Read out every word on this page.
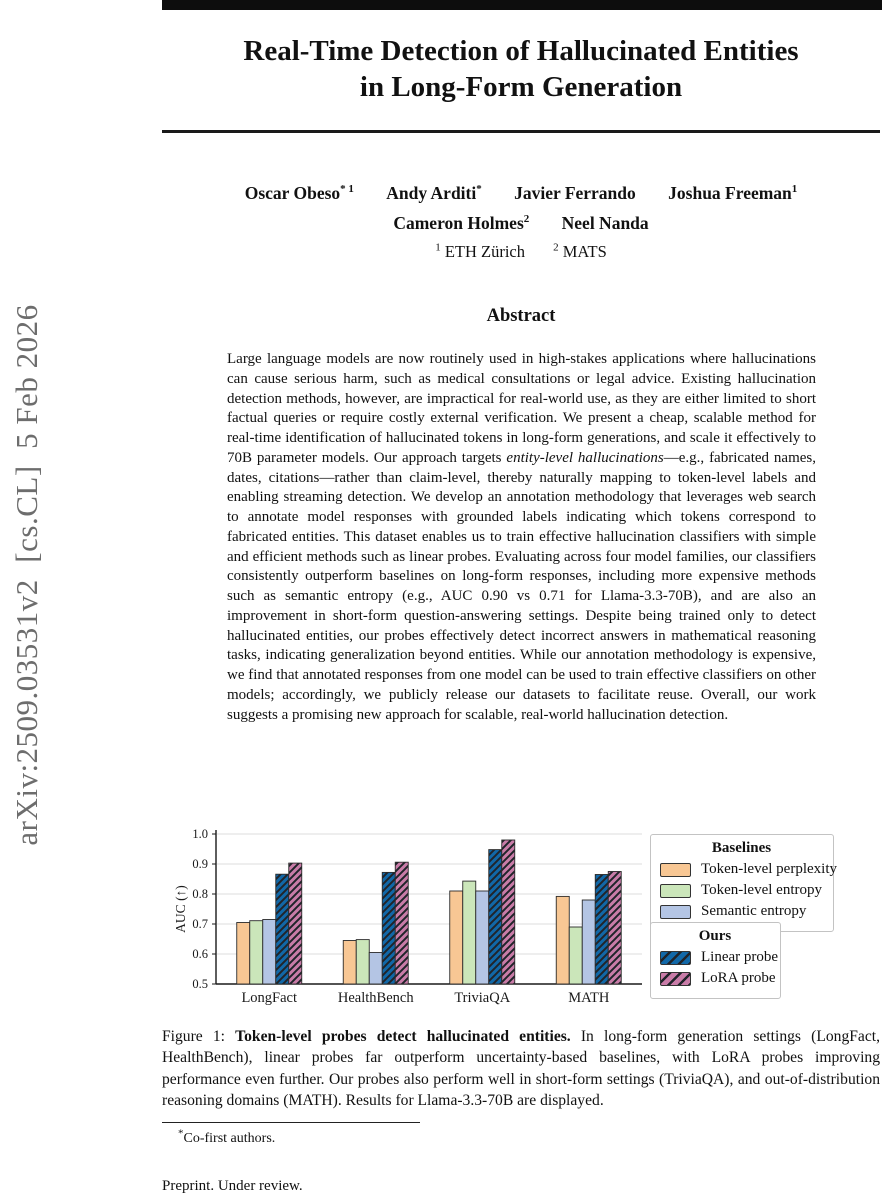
arXiv:2509.03531v2  [cs.CL]  5 Feb 2026
Real-Time Detection of Hallucinated Entities
in Long-Form Generation
Oscar Obeso$^{* 1}$ Andy Arditi* Javier Ferrando Joshua Freeman$^1$
Cameron Holmes$^2$ Neel Nanda
$^1$ ETH Zürich	$^2$ MATS
Abstract
Large language models are now routinely used in high-stakes applications where hallucinations can cause serious harm, such as medical consultations or legal advice. Existing hallucination detection methods, however, are impractical for real-world use, as they are either limited to short factual queries or require costly external verification. We present a cheap, scalable method for real-time identification of hallucinated tokens in long-form generations, and scale it effectively to 70B parameter models. Our approach targets entity-level hallucinations—e.g., fabricated names, dates, citations—rather than claim-level, thereby naturally mapping to token-level labels and enabling streaming detection. We develop an annotation methodology that leverages web search to annotate model responses with grounded labels indicating which tokens correspond to fabricated entities. This dataset enables us to train effective hallucination classifiers with simple and efficient methods such as linear probes. Evaluating across four model families, our classifiers consistently outperform baselines on long-form responses, including more expensive methods such as semantic entropy (e.g., AUC 0.90 vs 0.71 for Llama-3.3-70B), and are also an improvement in short-form question-answering settings. Despite being trained only to detect hallucinated entities, our probes effectively detect incorrect answers in mathematical reasoning tasks, indicating generalization beyond entities. While our annotation methodology is expensive, we find that annotated responses from one model can be used to train effective classifiers on other models; accordingly, we publicly release our datasets to facilitate reuse. Overall, our work suggests a promising new approach for scalable, real-world hallucination detection.
0.5
0.6
0.7
0.8
0.9
1.0
AUC (↑)
LongFact	HealthBench	TriviaQA	MATH
Baselines
Token-level perplexity
Token-level entropy
Semantic entropy
Ours
Linear probe
LoRA probe
Figure 1: Token-level probes detect hallucinated entities. In long-form generation settings (LongFact, HealthBench), linear probes far outperform uncertainty-based baselines, with LoRA probes improving performance even further. Our probes also perform well in short-form settings (TriviaQA), and out-of-distribution reasoning domains (MATH). Results for Llama-3.3-70B are displayed.
*Co-first authors.
Preprint. Under review.
